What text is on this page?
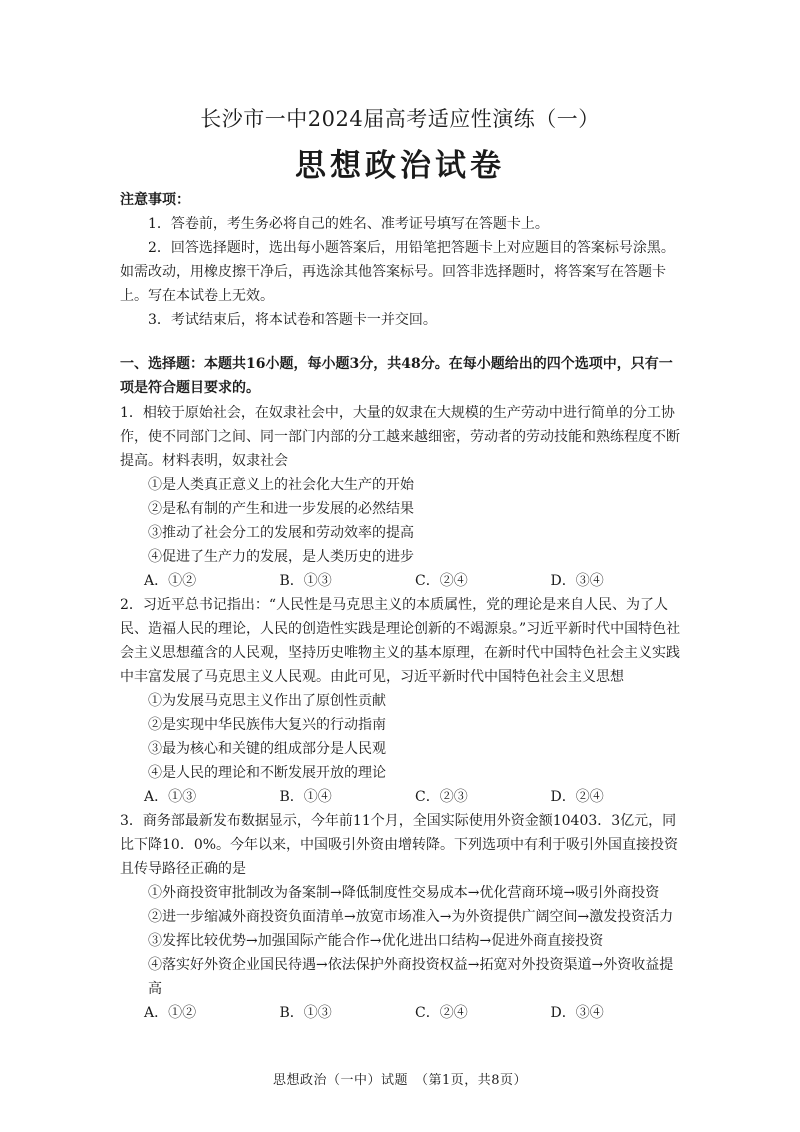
长沙市一中2024届高考适应性演练（一）
思想政治试卷

注意事项：

1．答卷前，考生务必将自己的姓名、准考证号填写在答题卡上。

2．回答选择题时，选出每小题答案后，用铅笔把答题卡上对应题目的答案标号涂黑。如需改动，用橡皮擦干净后，再选涂其他答案标号。回答非选择题时，将答案写在答题卡上。写在本试卷上无效。

3．考试结束后，将本试卷和答题卡一并交回。

一、选择题：本题共16小题，每小题3分，共48分。在每小题给出的四个选项中，只有一项是符合题目要求的。

1．相较于原始社会，在奴隶社会中，大量的奴隶在大规模的生产劳动中进行简单的分工协作，使不同部门之间、同一部门内部的分工越来越细密，劳动者的劳动技能和熟练程度不断提高。材料表明，奴隶社会

①是人类真正意义上的社会化大生产的开始

②是私有制的产生和进一步发展的必然结果

③推动了社会分工的发展和劳动效率的提高

④促进了生产力的发展，是人类历史的进步

A．①②	B．①③	C．②④	D．③④

2．习近平总书记指出：“人民性是马克思主义的本质属性，党的理论是来自人民、为了人民、造福人民的理论，人民的创造性实践是理论创新的不竭源泉。”习近平新时代中国特色社会主义思想蕴含的人民观，坚持历史唯物主义的基本原理，在新时代中国特色社会主义实践中丰富发展了马克思主义人民观。由此可见，习近平新时代中国特色社会主义思想

①为发展马克思主义作出了原创性贡献

②是实现中华民族伟大复兴的行动指南

③最为核心和关键的组成部分是人民观

④是人民的理论和不断发展开放的理论

A．①③	B．①④	C．②③	D．②④

3．商务部最新发布数据显示，今年前11个月，全国实际使用外资金额10403．3亿元，同比下降10．0%。今年以来，中国吸引外资由增转降。下列选项中有利于吸引外国直接投资且传导路径正确的是

①外商投资审批制改为备案制→降低制度性交易成本→优化营商环境→吸引外商投资

②进一步缩减外商投资负面清单→放宽市场准入→为外资提供广阔空间→激发投资活力

③发挥比较优势→加强国际产能合作→优化进出口结构→促进外商直接投资

④落实好外资企业国民待遇→依法保护外商投资权益→拓宽对外投资渠道→外资收益提高

A．①②	B．①③	C．②④	D．③④
思想政治（一中）试题　（第1页，共8页）
